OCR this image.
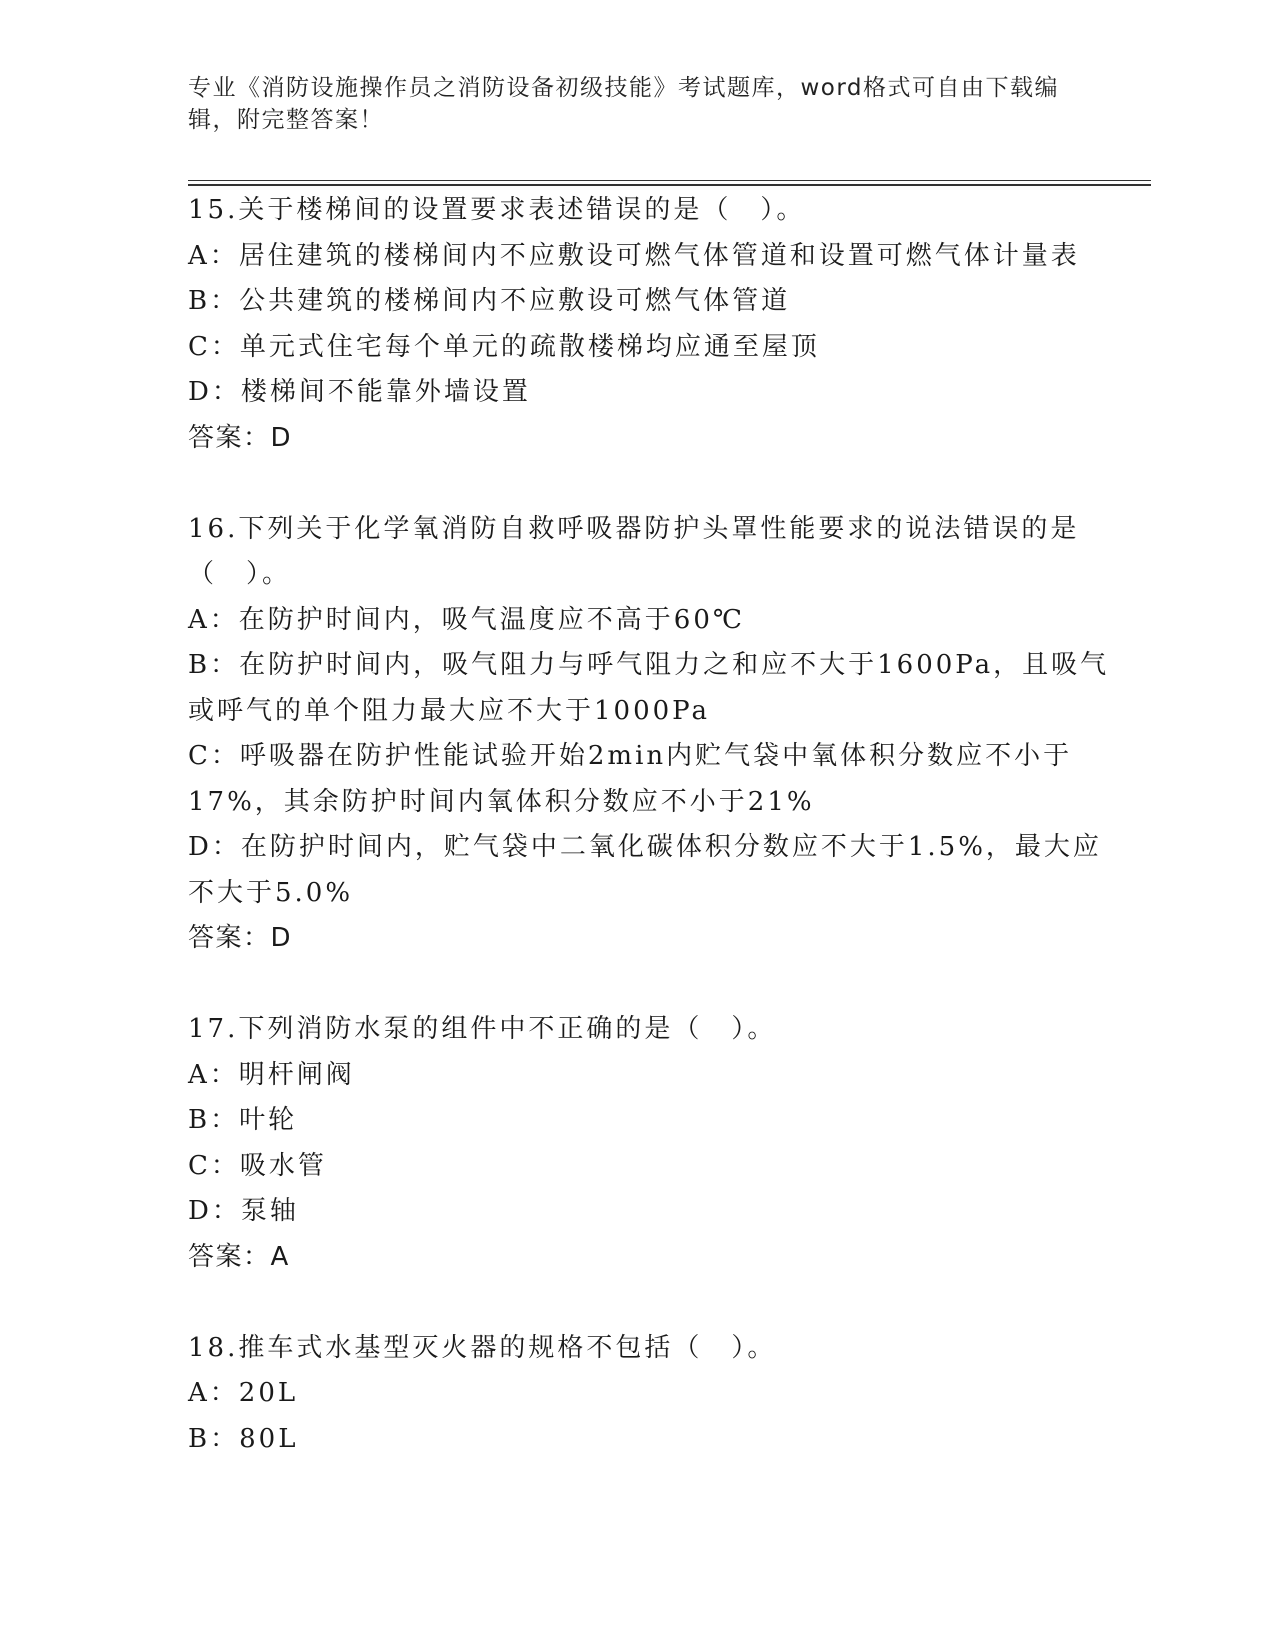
专业《消防设施操作员之消防设备初级技能》考试题库，word格式可自由下载编
辑，附完整答案！
15.关于楼梯间的设置要求表述错误的是（　）。
A：居住建筑的楼梯间内不应敷设可燃气体管道和设置可燃气体计量表
B：公共建筑的楼梯间内不应敷设可燃气体管道
C：单元式住宅每个单元的疏散楼梯均应通至屋顶
D：楼梯间不能靠外墙设置
答案：D
16.下列关于化学氧消防自救呼吸器防护头罩性能要求的说法错误的是
（　）。
A：在防护时间内，吸气温度应不高于60℃
B：在防护时间内，吸气阻力与呼气阻力之和应不大于1600Pa，且吸气
或呼气的单个阻力最大应不大于1000Pa
C：呼吸器在防护性能试验开始2min内贮气袋中氧体积分数应不小于
17%，其余防护时间内氧体积分数应不小于21%
D：在防护时间内，贮气袋中二氧化碳体积分数应不大于1.5%，最大应
不大于5.0%
答案：D
17.下列消防水泵的组件中不正确的是（　）。
A：明杆闸阀
B：叶轮
C：吸水管
D：泵轴
答案：A
18.推车式水基型灭火器的规格不包括（　）。
A：20L
B：80L
